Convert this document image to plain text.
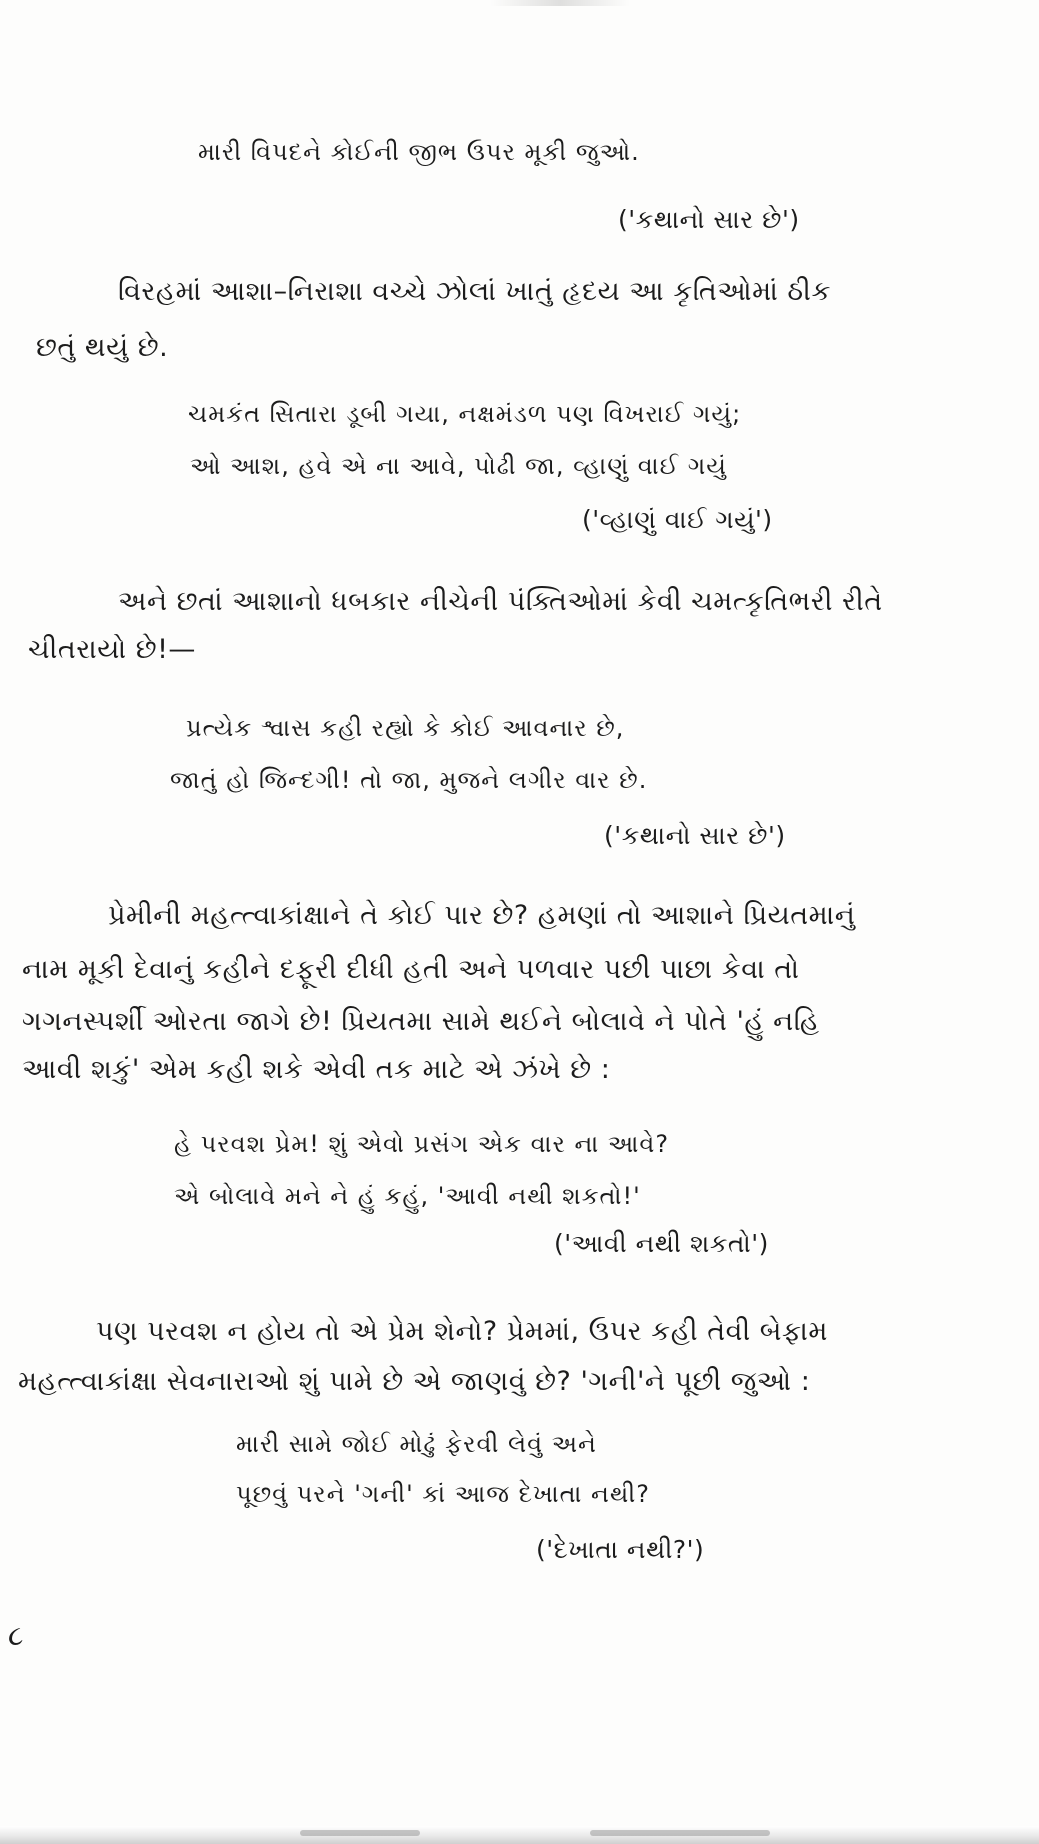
મારી વિપદને કોઈની જીભ ઉપર મૂકી જુઓ.
('કથાનો સાર છે')
વિરહમાં આશા–નિરાશા વચ્ચે ઝોલાં ખાતું હૃદય આ કૃતિઓમાં ઠીક
છતું થયું છે.
ચમકંત સિતારા ડૂબી ગયા, નક્ષમંડળ પણ વિખરાઈ ગયું;
ઓ આશ, હવે એ ના આવે, પોઢી જા, વ્હાણું વાઈ ગયું
('વ્હાણું વાઈ ગયું')
અને છતાં આશાનો ધબકાર નીચેની પંક્તિઓમાં કેવી ચમત્કૃતિભરી રીતે
ચીતરાયો છે!—
પ્રત્યેક શ્વાસ કહી રહ્યો કે કોઈ આવનાર છે,
જાતું હો જિન્દગી! તો જા, મુજને લગીર વાર છે.
('કથાનો સાર છે')
પ્રેમીની મહત્ત્વાકાંક્ષાને તે કોઈ પાર છે? હમણાં તો આશાને પ્રિયતમાનું
નામ મૂકી દેવાનું કહીને દફૂરી દીધી હતી અને પળવાર પછી પાછા કેવા તો
ગગનસ્પર્શી ઓરતા જાગે છે! પ્રિયતમા સામે થઈને બોલાવે ને પોતે 'હું નહિ
આવી શકું' એમ કહી શકે એવી તક માટે એ ઝંખે છે :
હે પરવશ પ્રેમ! શું એવો પ્રસંગ એક વાર ના આવે?
એ બોલાવે મને ને હું કહું, 'આવી નથી શકતો!'
('આવી નથી શકતો')
પણ પરવશ ન હોય તો એ પ્રેમ શેનો? પ્રેમમાં, ઉપર કહી તેવી બેફામ
મહત્ત્વાકાંક્ષા સેવનારાઓ શું પામે છે એ જાણવું છે? 'ગની'ને પૂછી જુઓ :
મારી સામે જોઈ મોઢું ફેરવી લેવું અને
પૂછવું પરને 'ગની' કાં આજ દેખાતા નથી?
('દેખાતા નથી?')
૮
